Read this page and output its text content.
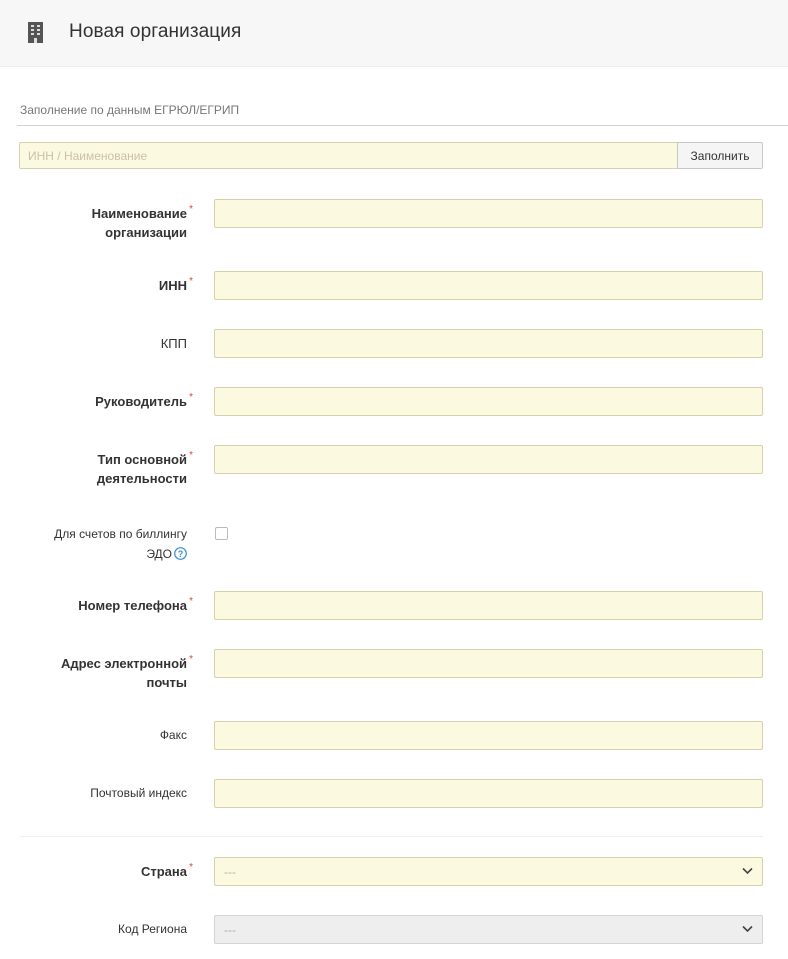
Новая организация
Заполнение по данным ЕГРЮЛ/ЕГРИП
ИНН / Наименование
Заполнить
Наименование *

организации
ИНН *
КПП
Руководитель *
Тип основной *

деятельности
Для счетов по биллингу
ЭДО ?
Номер телефона *
Адрес электронной *

почты
Факс
Почтовый индекс
Страна *	---
Код Региона	---
